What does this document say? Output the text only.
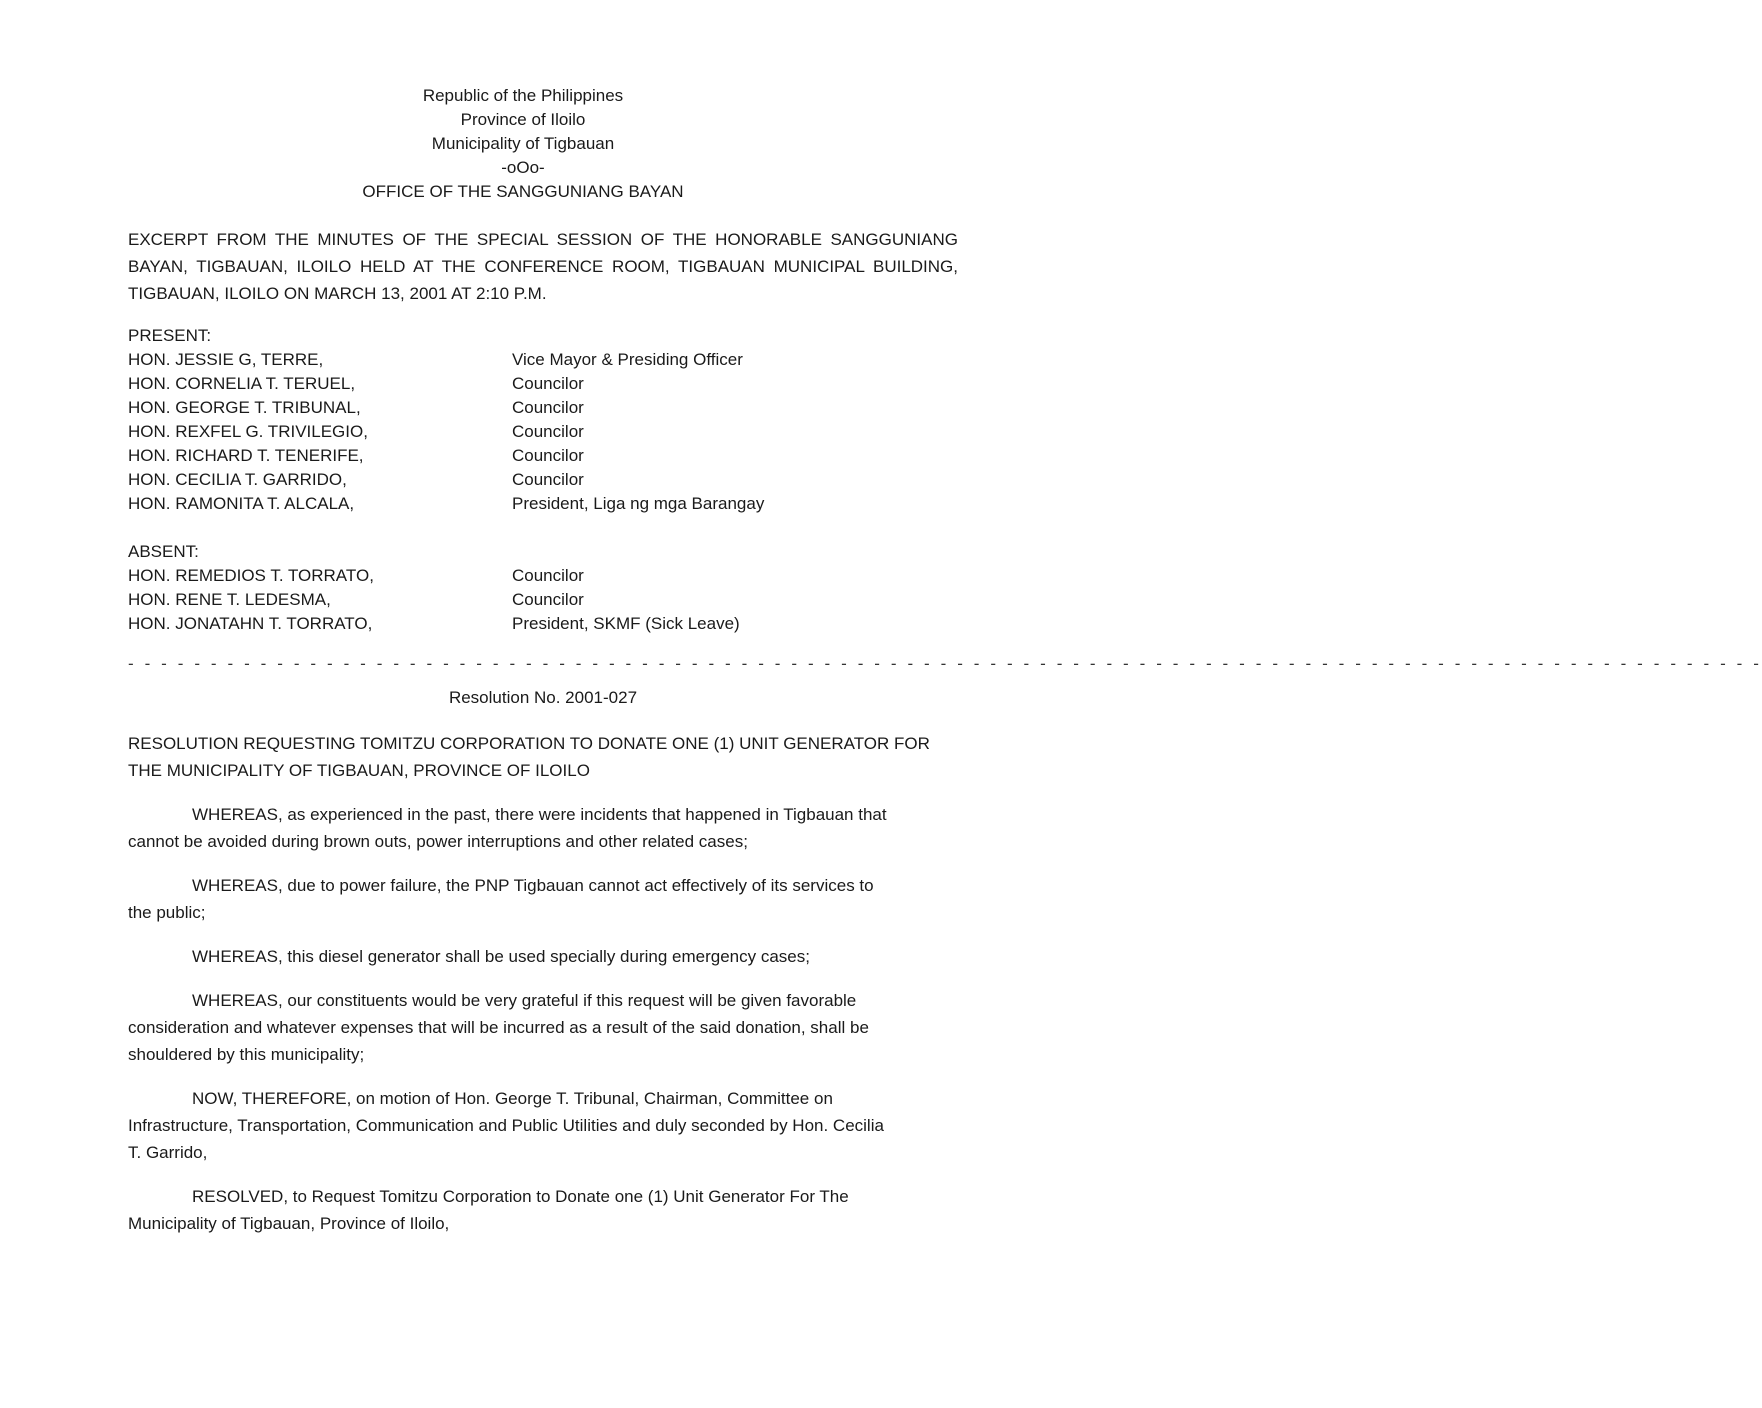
Republic of the Philippines
Province of Iloilo
Municipality of Tigbauan
-oOo-
OFFICE OF THE SANGGUNIANG BAYAN
EXCERPT FROM THE MINUTES OF THE SPECIAL SESSION OF THE HONORABLE SANGGUNIANG
BAYAN, TIGBAUAN, ILOILO HELD AT THE CONFERENCE ROOM, TIGBAUAN MUNICIPAL BUILDING,
TIGBAUAN, ILOILO ON MARCH 13, 2001 AT 2:10 P.M.
PRESENT:
HON. JESSIE G, TERRE,	Vice Mayor & Presiding Officer
HON. CORNELIA T. TERUEL,	Councilor
HON. GEORGE T. TRIBUNAL,	Councilor
HON. REXFEL G. TRIVILEGIO,	Councilor
HON. RICHARD T. TENERIFE,	Councilor
HON. CECILIA T. GARRIDO,	Councilor
HON. RAMONITA T. ALCALA,	President, Liga ng mga Barangay
ABSENT:
HON. REMEDIOS T. TORRATO,	Councilor
HON. RENE T. LEDESMA,	Councilor
HON. JONATAHN T. TORRATO,	President, SKMF (Sick Leave)
- - - - - - - - - - - - - - - - - - - - - - - - - - - - - - - - - - - - - - - - - - - - - - - - - - - - - - - - - - - - - - - - - - - - - - - - - - - - - - - - - - - - - - - - - - - - - - - - - - -
Resolution No. 2001-027
RESOLUTION REQUESTING TOMITZU CORPORATION TO DONATE ONE (1) UNIT GENERATOR FOR
THE MUNICIPALITY OF TIGBAUAN, PROVINCE OF ILOILO
WHEREAS, as experienced in the past, there were incidents that happened in Tigbauan that
cannot be avoided during brown outs, power interruptions and other related cases;
WHEREAS, due to power failure, the PNP Tigbauan cannot act effectively of its services to
the public;
WHEREAS, this diesel generator shall be used specially during emergency cases;
WHEREAS, our constituents would be very grateful if this request will be given favorable
consideration and whatever expenses that will be incurred as a result of the said donation, shall be
shouldered by this municipality;
NOW, THEREFORE, on motion of Hon. George T. Tribunal, Chairman, Committee on
Infrastructure, Transportation, Communication and Public Utilities and duly seconded by Hon. Cecilia
T. Garrido,
RESOLVED, to Request Tomitzu Corporation to Donate one (1) Unit Generator For The
Municipality of Tigbauan, Province of Iloilo,
